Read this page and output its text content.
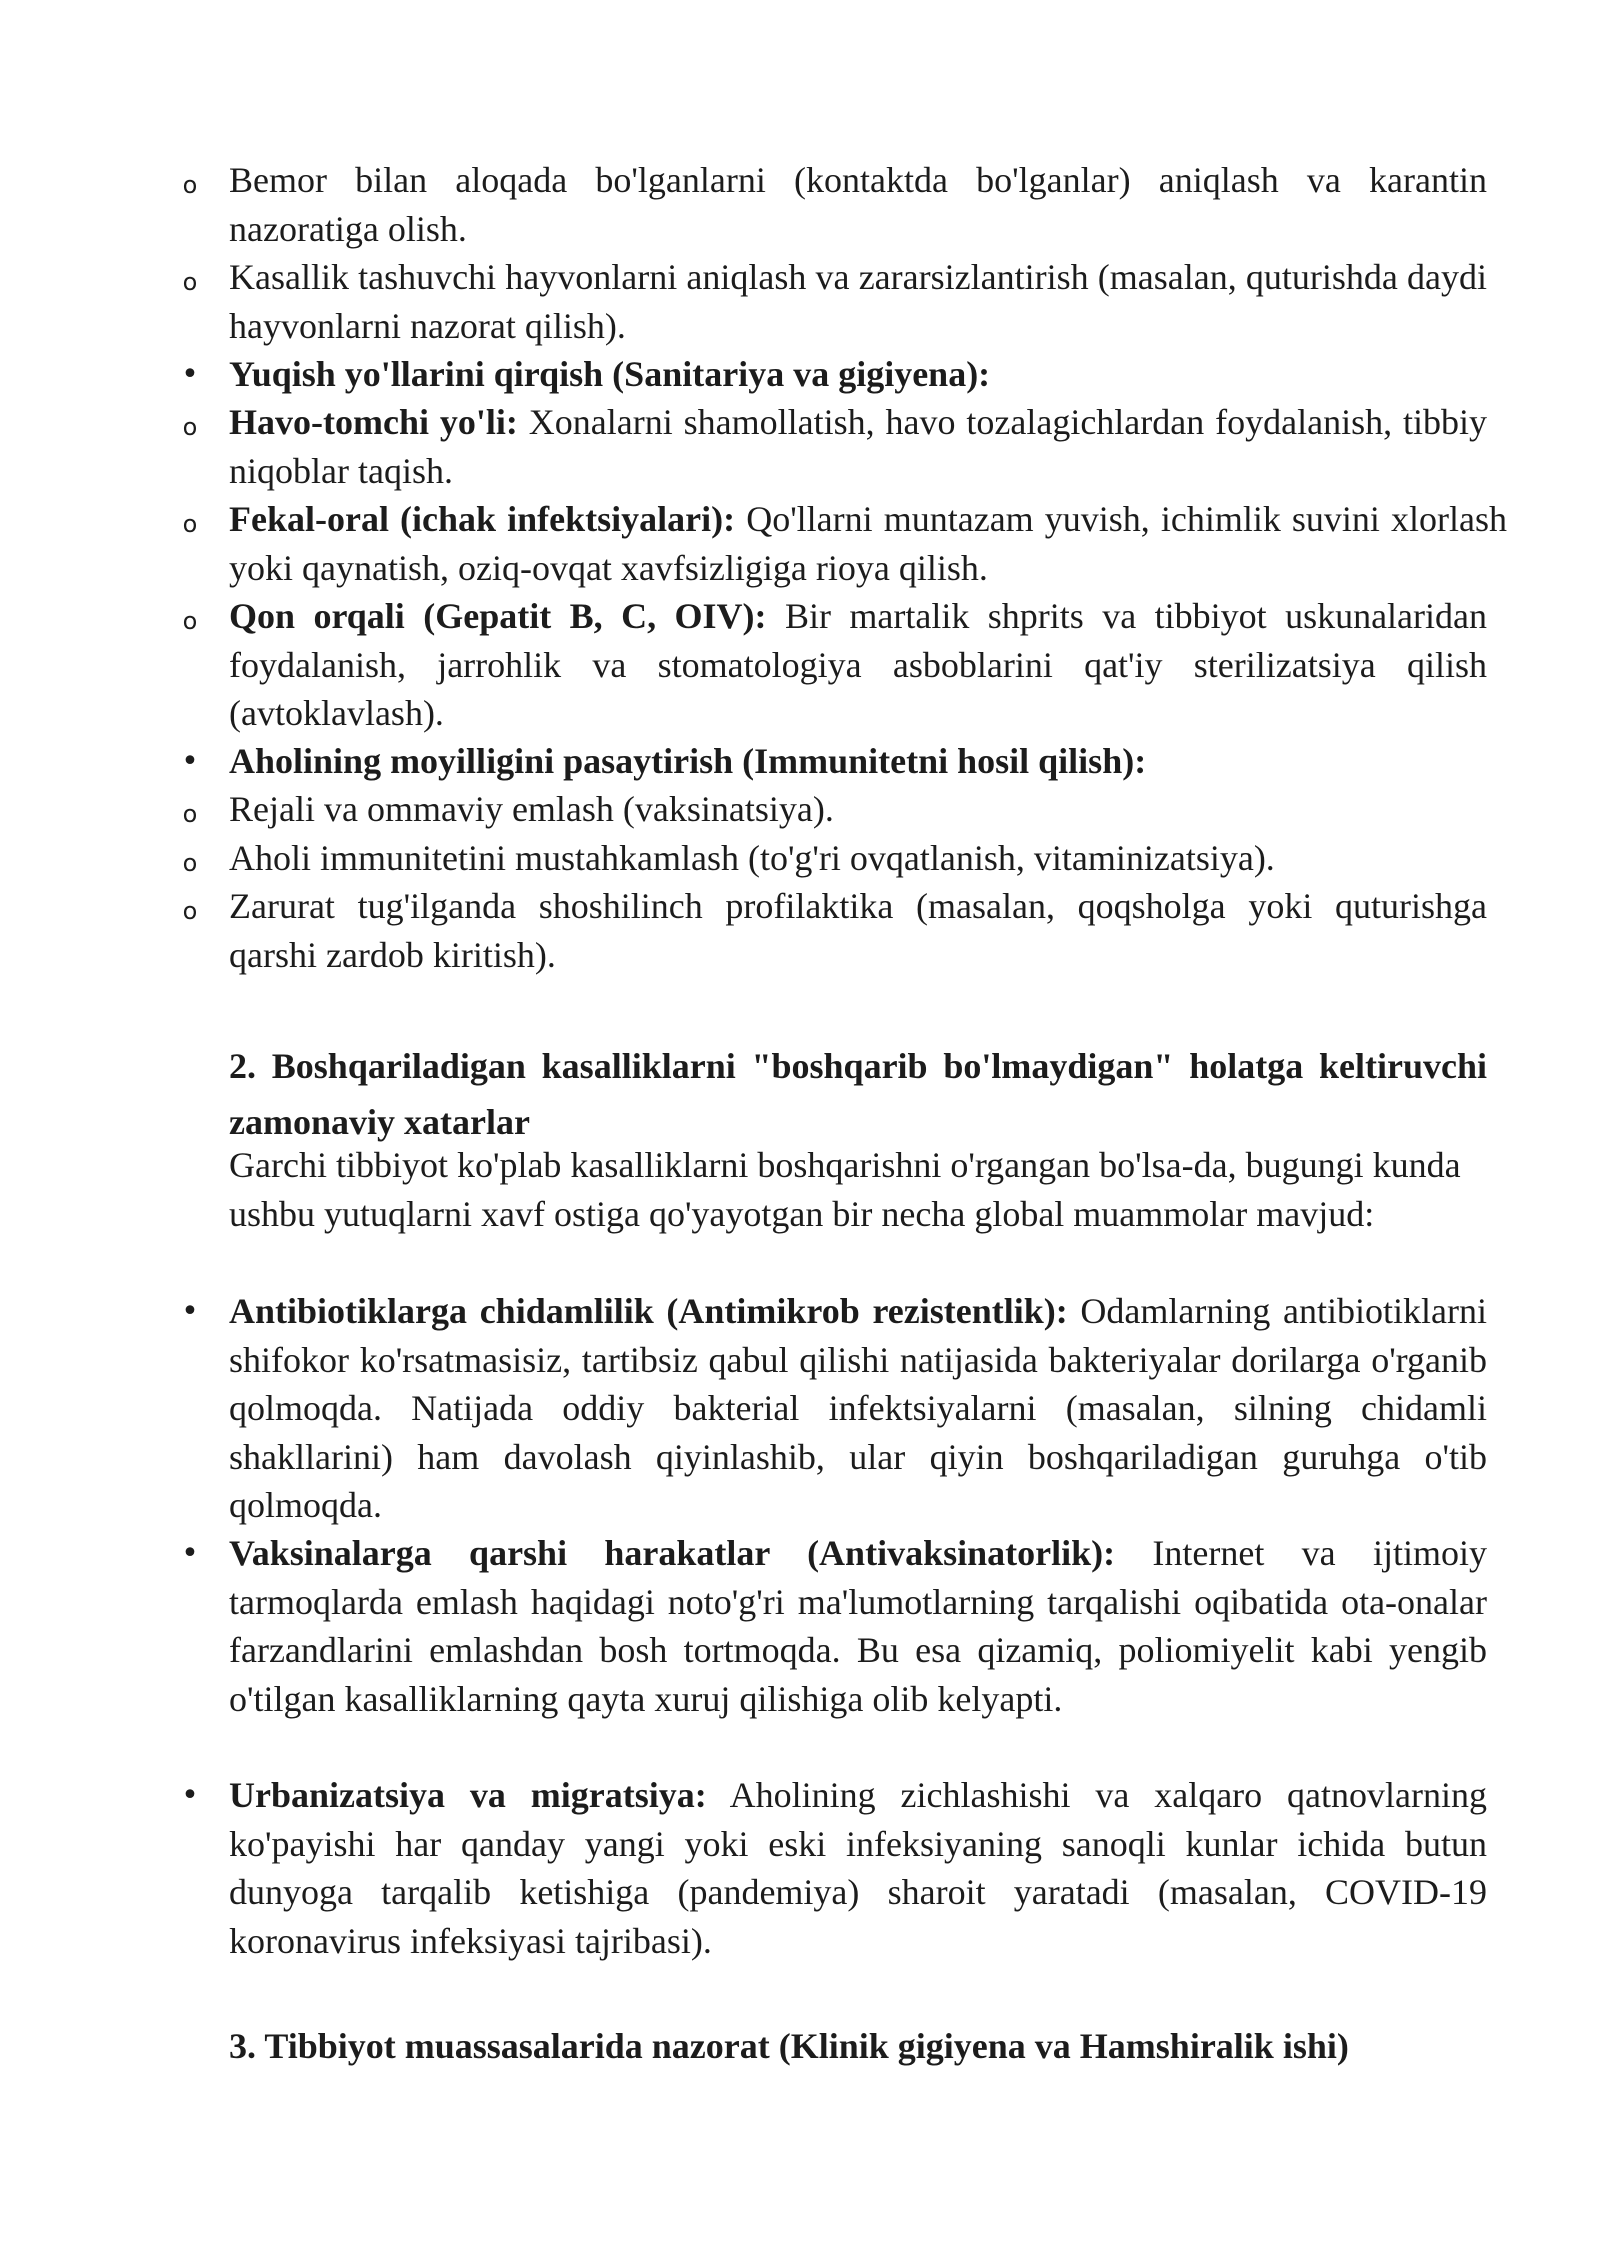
o Bemor bilan aloqada bo'lganlarni (kontaktda bo'lganlar) aniqlash va karantin nazoratiga olish.

o Kasallik tashuvchi hayvonlarni aniqlash va zararsizlantirish (masalan, quturishda daydi hayvonlarni nazorat qilish).

• Yuqish yo'llarini qirqish (Sanitariya va gigiyena):

o Havo-tomchi yo'li: Xonalarni shamollatish, havo tozalagichlardan foydalanish, tibbiy niqoblar taqish.

o Fekal-oral (ichak infektsiyalari): Qo'llarni muntazam yuvish, ichimlik suvini xlorlash yoki qaynatish, oziq-ovqat xavfsizligiga rioya qilish.

o Qon orqali (Gepatit B, C, OIV): Bir martalik shprits va tibbiyot uskunalaridan foydalanish, jarrohlik va stomatologiya asboblarini qat'iy sterilizatsiya qilish (avtoklavlash).

• Aholining moyilligini pasaytirish (Immunitetni hosil qilish):

o Rejali va ommaviy emlash (vaksinatsiya).

o Aholi immunitetini mustahkamlash (to'g'ri ovqatlanish, vitaminizatsiya).

o Zarurat tug'ilganda shoshilinch profilaktika (masalan, qoqsholga yoki quturishga qarshi zardob kiritish).

2. Boshqariladigan kasalliklarni "boshqarib bo'lmaydigan" holatga keltiruvchi zamonaviy xatarlar

Garchi tibbiyot ko'plab kasalliklarni boshqarishni o'rgangan bo'lsa-da, bugungi kunda ushbu yutuqlarni xavf ostiga qo'yayotgan bir necha global muammolar mavjud:

• Antibiotiklarga chidamlilik (Antimikrob rezistentlik): Odamlarning antibiotiklarni shifokor ko'rsatmasisiz, tartibsiz qabul qilishi natijasida bakteriyalar dorilarga o'rganib qolmoqda. Natijada oddiy bakterial infektsiyalarni (masalan, silning chidamli shakllarini) ham davolash qiyinlashib, ular qiyin boshqariladigan guruhga o'tib qolmoqda.

• Vaksinalarga qarshi harakatlar (Antivaksinatorlik): Internet va ijtimoiy tarmoqlarda emlash haqidagi noto'g'ri ma'lumotlarning tarqalishi oqibatida ota-onalar farzandlarini emlashdan bosh tortmoqda. Bu esa qizamiq, poliomiyelit kabi yengib o'tilgan kasalliklarning qayta xuruj qilishiga olib kelyapti.

• Urbanizatsiya va migratsiya: Aholining zichlashishi va xalqaro qatnovlarning ko'payishi har qanday yangi yoki eski infeksiyaning sanoqli kunlar ichida butun dunyoga tarqalib ketishiga (pandemiya) sharoit yaratadi (masalan, COVID-19 koronavirus infeksiyasi tajribasi).

3. Tibbiyot muassasalarida nazorat (Klinik gigiyena va Hamshiralik ishi)
